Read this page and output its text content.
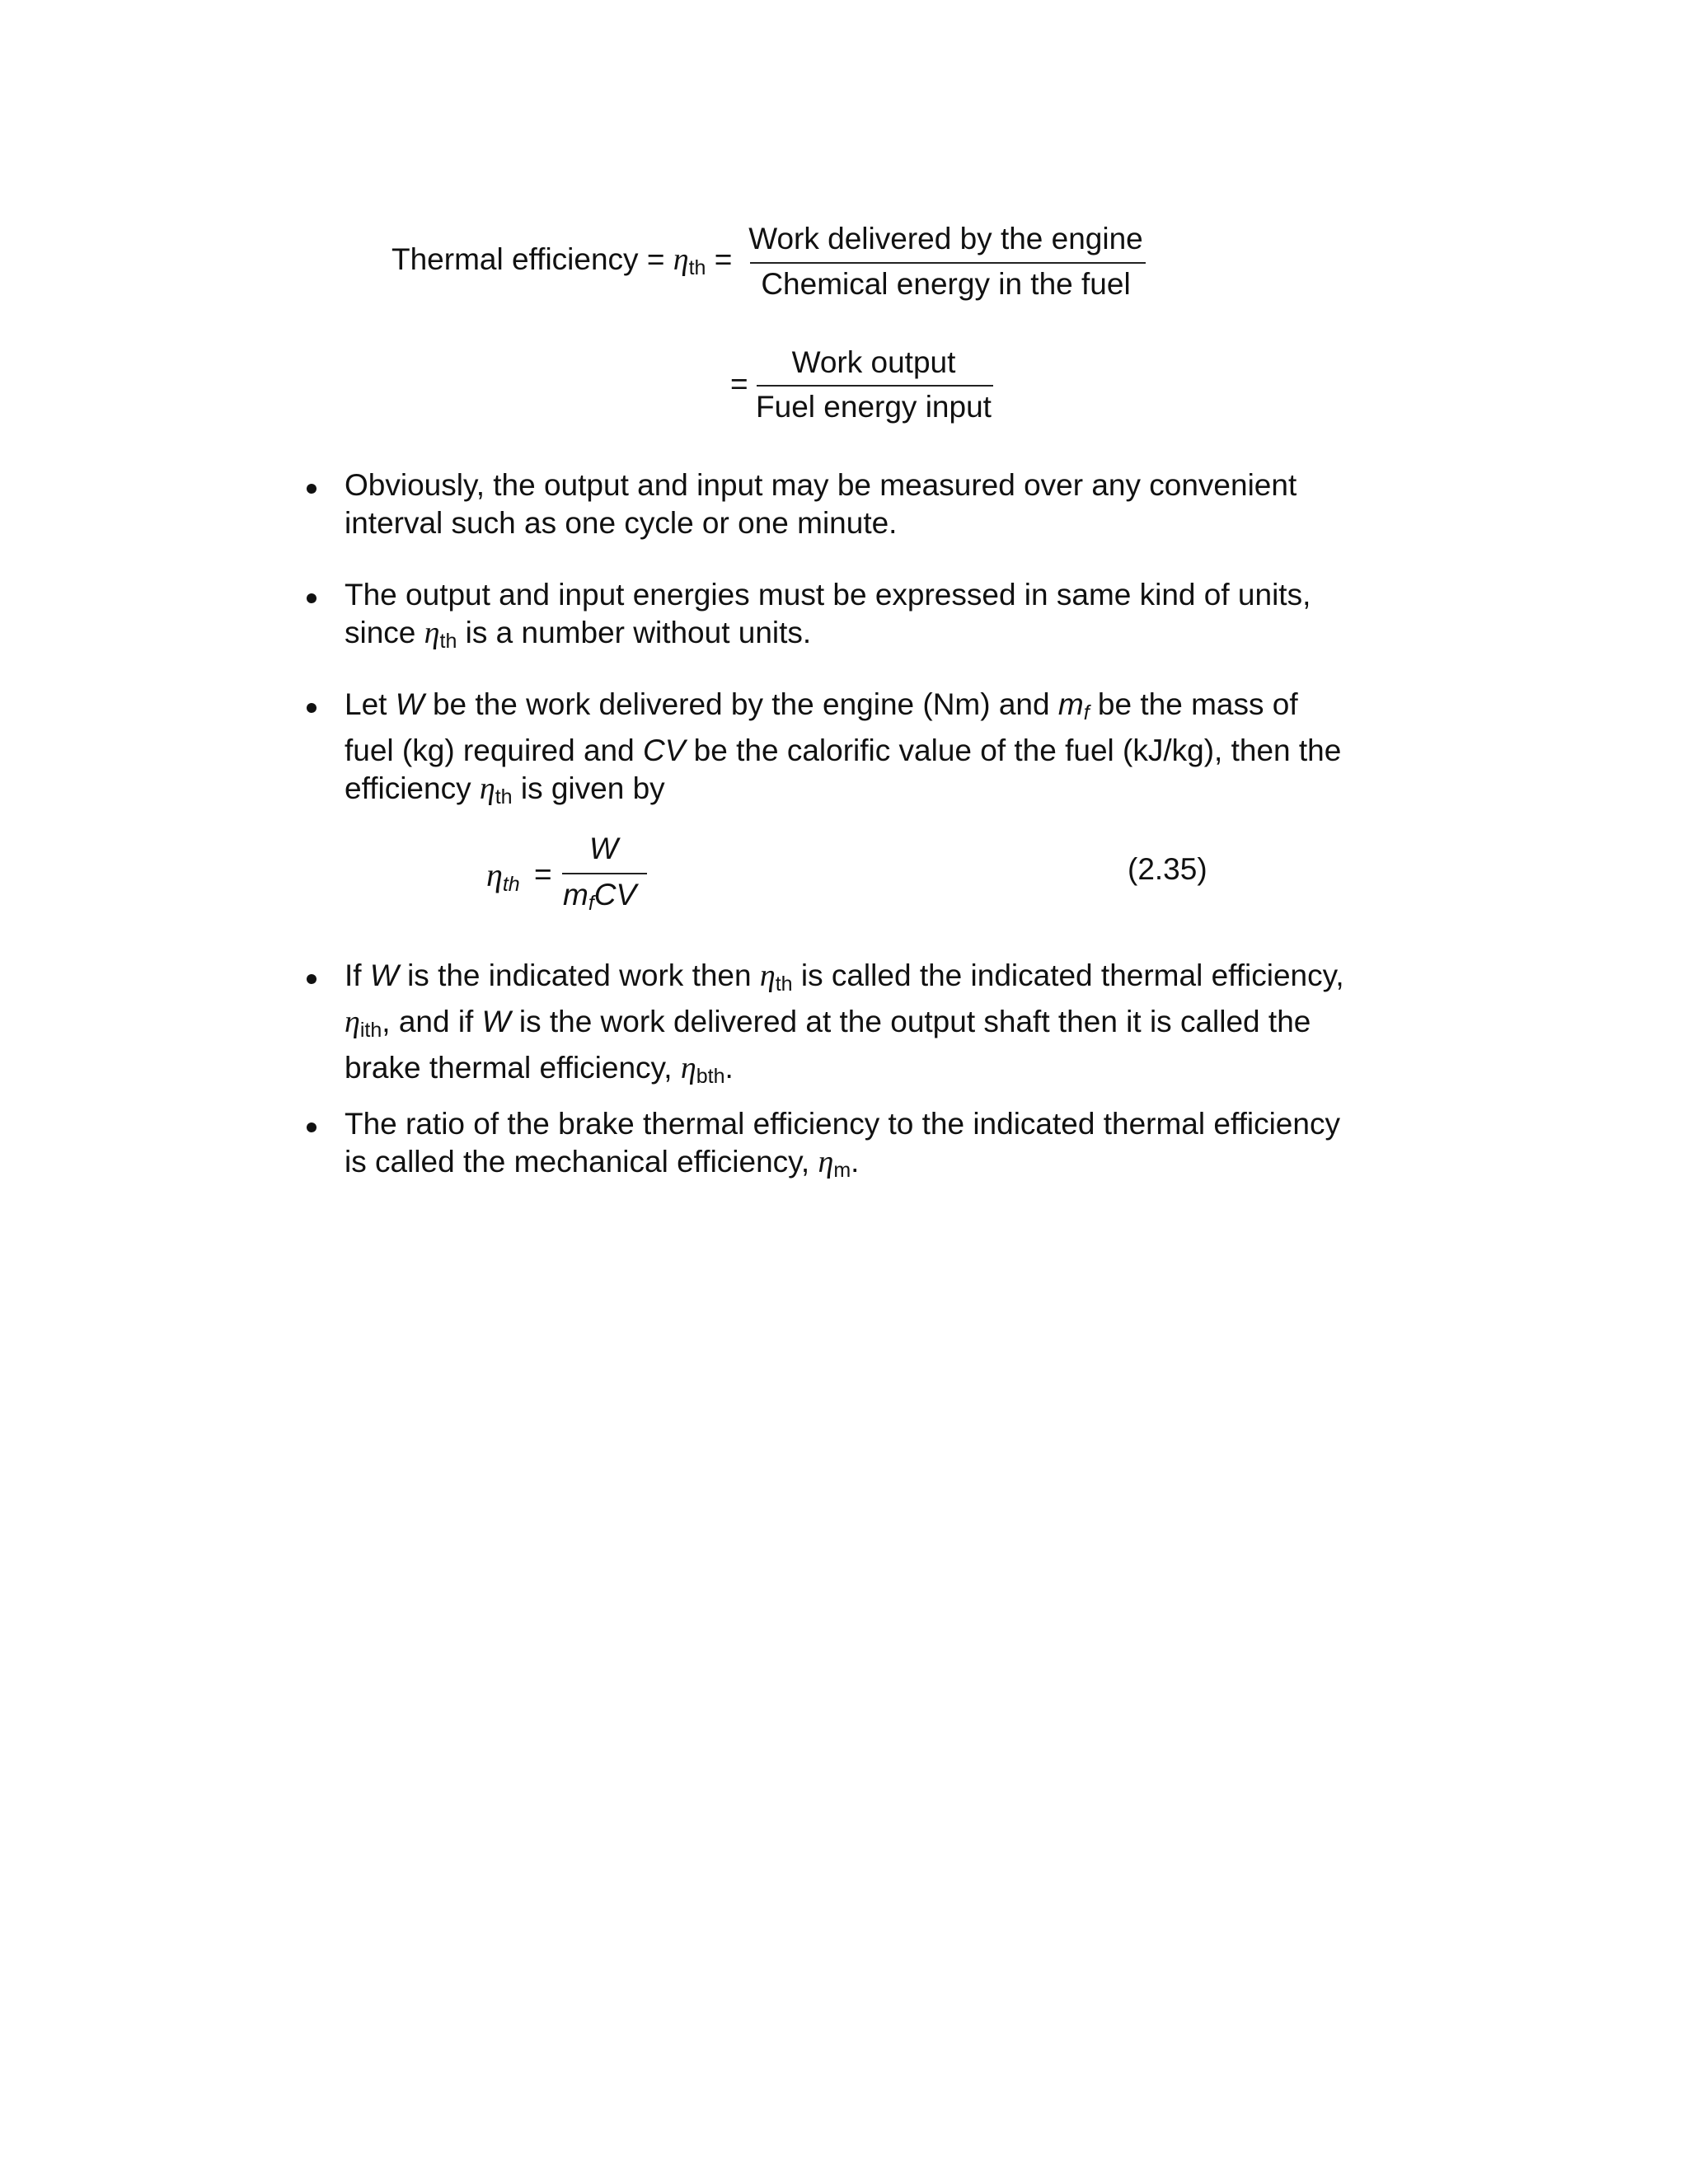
Thermal efficiency = $\eta_{th}$ =
Work delivered by the engine
Chemical energy in the fuel
=
Work output
Fuel energy input
Obviously, the output and input may be measured over any convenient
interval such as one cycle or one minute.
The output and input energies must be expressed in same kind of units,
since $\eta_{th}$ is a number without units.
Let W be the work delivered by the engine (Nm) and $m_f$ be the mass of
fuel (kg) required and CV be the calorific value of the fuel (kJ/kg), then the
efficiency $\eta_{th}$ is given by
ηth =
W
$m_fCV$
(2.35)
If W is the indicated work then $\eta_{th}$ is called the indicated thermal efficiency,
$\eta_{ith}$, and if W is the work delivered at the output shaft then it is called the
brake thermal efficiency, $\eta_{bth}$.
The ratio of the brake thermal efficiency to the indicated thermal efficiency
is called the mechanical efficiency, $\eta_m$.
